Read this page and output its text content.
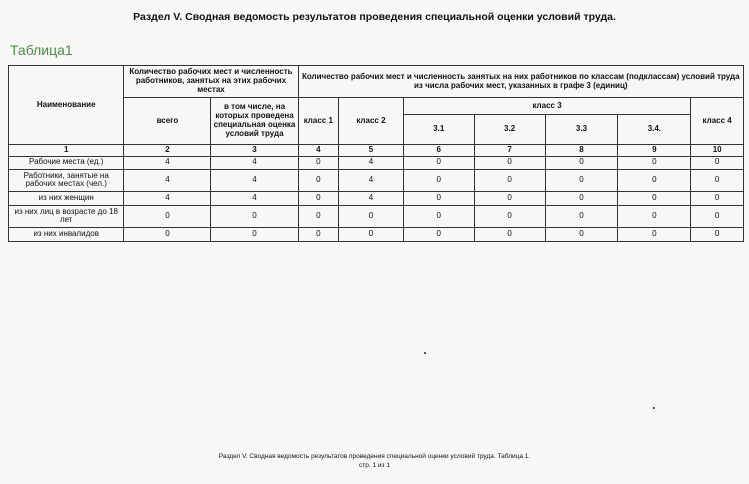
Раздел V. Сводная ведомость результатов проведения специальной оценки условий труда.
Таблица1
Наименование	Количество рабочих мест и численность работников, занятых на этих рабочих местах		Количество рабочих мест и численность занятых на них работников по классам (подклассам) условий труда из числа рабочих мест, указанных в графе 3 (единиц)						
	всего	в том числе, на которых проведена специальная оценка условий труда	класс 1	класс 2	класс 3				класс 4
					3.1	3.2	3.3	3.4.	
1	2	3	4	5	6	7	8	9	10
Рабочие места (ед.)	4	4	0	4	0	0	0	0	0
Работники, занятые на рабочих местах (чел.)	4	4	0	4	0	0	0	0	0
из них женщин	4	4	0	4	0	0	0	0	0
из них лиц в возрасте до 18 лет	0	0	0	0	0	0	0	0	0
из них инвалидов	0	0	0	0	0	0	0	0	0
Раздел V. Сводная ведомость результатов проведения специальной оценки условий труда. Таблица 1.
стр. 1 из 1
